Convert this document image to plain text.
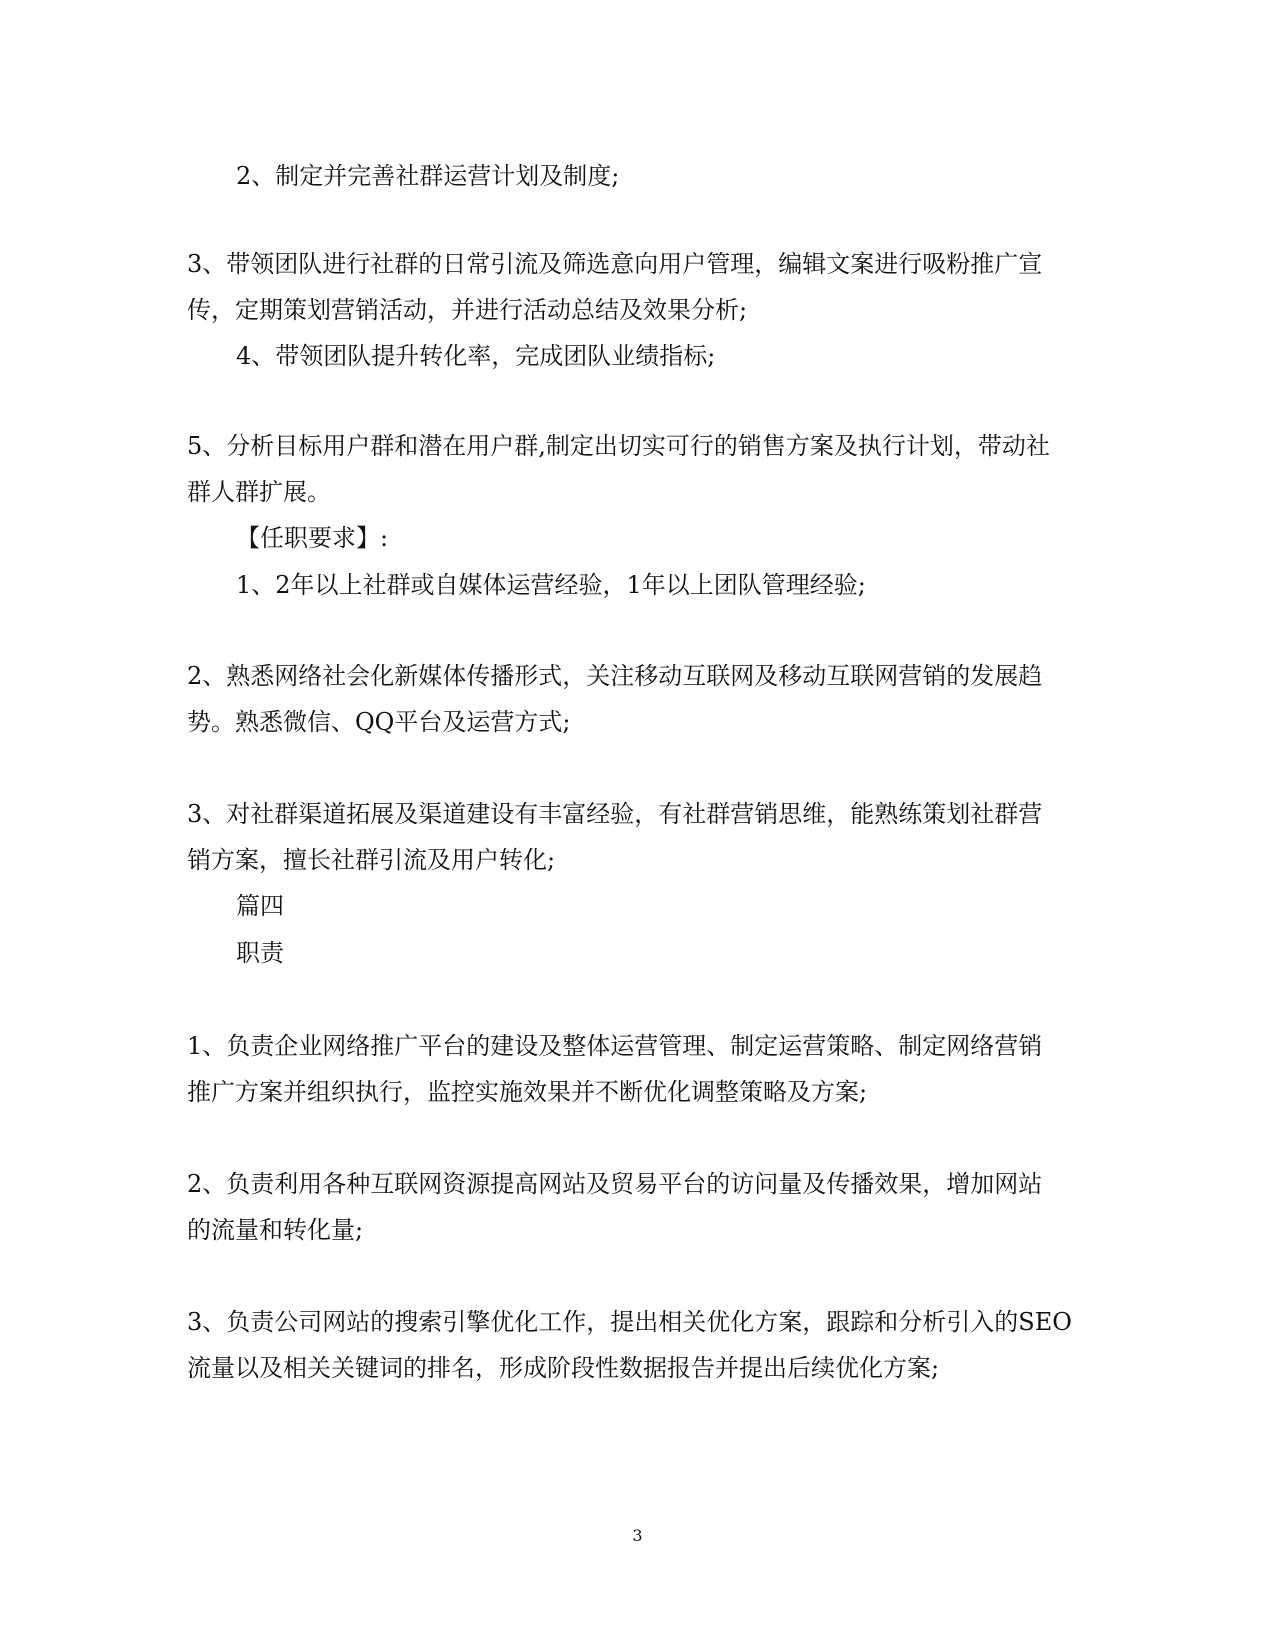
2、制定并完善社群运营计划及制度;
3、带领团队进行社群的日常引流及筛选意向用户管理，编辑文案进行吸粉推广宣
传，定期策划营销活动，并进行活动总结及效果分析;
4、带领团队提升转化率，完成团队业绩指标;
5、分析目标用户群和潜在用户群,制定出切实可行的销售方案及执行计划，带动社
群人群扩展。
【任职要求】:
1、2年以上社群或自媒体运营经验，1年以上团队管理经验;
2、熟悉网络社会化新媒体传播形式，关注移动互联网及移动互联网营销的发展趋
势。熟悉微信、QQ平台及运营方式;
3、对社群渠道拓展及渠道建设有丰富经验，有社群营销思维，能熟练策划社群营
销方案，擅长社群引流及用户转化;
篇四
职责
1、负责企业网络推广平台的建设及整体运营管理、制定运营策略、制定网络营销
推广方案并组织执行，监控实施效果并不断优化调整策略及方案;
2、负责利用各种互联网资源提高网站及贸易平台的访问量及传播效果，增加网站
的流量和转化量;
3、负责公司网站的搜索引擎优化工作，提出相关优化方案，跟踪和分析引入的SEO
流量以及相关关键词的排名，形成阶段性数据报告并提出后续优化方案;
3
